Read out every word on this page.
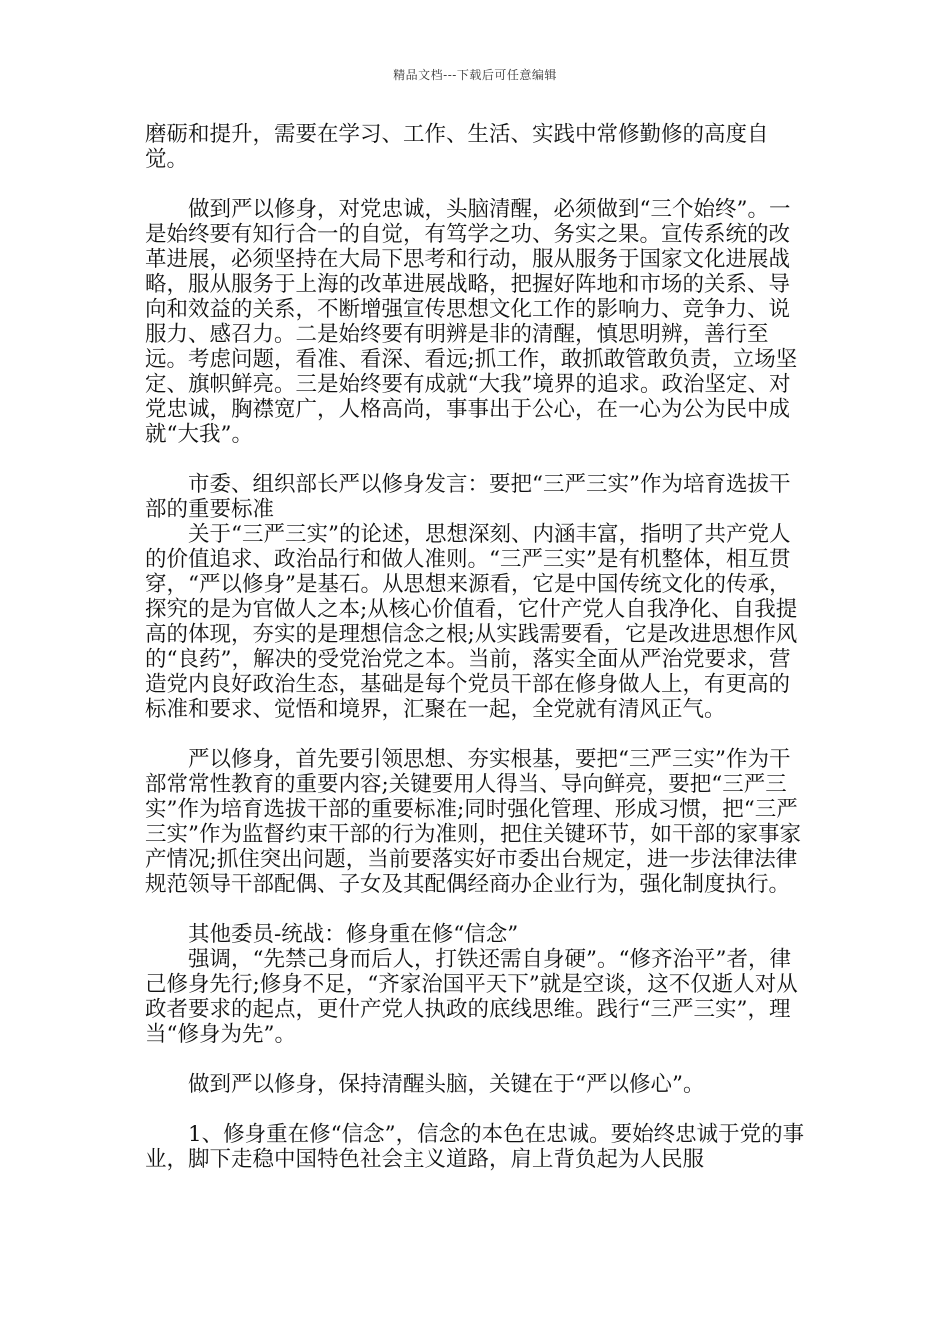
精品文档---下载后可任意编辑

磨砺和提升，需要在学习、工作、生活、实践中常修勤修的高度自觉。

做到严以修身，对党忠诚，头脑清醒，必须做到“三个始终”。一是始终要有知行合一的自觉，有笃学之功、务实之果。宣传系统的改革进展，必须坚持在大局下思考和行动，服从服务于国家文化进展战略，服从服务于上海的改革进展战略，把握好阵地和市场的关系、导向和效益的关系，不断增强宣传思想文化工作的影响力、竞争力、说服力、感召力。二是始终要有明辨是非的清醒，慎思明辨，善行至远。考虑问题，看准、看深、看远;抓工作，敢抓敢管敢负责，立场坚定、旗帜鲜亮。三是始终要有成就“大我”境界的追求。政治坚定、对党忠诚，胸襟宽广，人格高尚，事事出于公心，在一心为公为民中成就“大我”。

市委、组织部长严以修身发言：要把“三严三实”作为培育选拔干部的重要标准

关于“三严三实”的论述，思想深刻、内涵丰富，指明了共产党人的价值追求、政治品行和做人准则。“三严三实”是有机整体，相互贯穿，“严以修身”是基石。从思想来源看，它是中国传统文化的传承，探究的是为官做人之本;从核心价值看，它什产党人自我净化、自我提高的体现，夯实的是理想信念之根;从实践需要看，它是改进思想作风的“良药”，解决的受党治党之本。当前，落实全面从严治党要求，营造党内良好政治生态，基础是每个党员干部在修身做人上，有更高的标准和要求、觉悟和境界，汇聚在一起，全党就有清风正气。

严以修身，首先要引领思想、夯实根基，要把“三严三实”作为干部常常性教育的重要内容;关键要用人得当、导向鲜亮，要把“三严三实”作为培育选拔干部的重要标准;同时强化管理、形成习惯，把“三严三实”作为监督约束干部的行为准则，把住关键环节，如干部的家事家产情况;抓住突出问题，当前要落实好市委出台规定，进一步法律法律规范领导干部配偶、子女及其配偶经商办企业行为，强化制度执行。

其他委员-统战：修身重在修“信念”

强调，“先禁己身而后人，打铁还需自身硬”。“修齐治平”者，律己修身先行;修身不足，“齐家治国平天下”就是空谈，这不仅逝人对从政者要求的起点，更什产党人执政的底线思维。践行“三严三实”，理当“修身为先”。

做到严以修身，保持清醒头脑，关键在于“严以修心”。

1、修身重在修“信念”，信念的本色在忠诚。要始终忠诚于党的事业，脚下走稳中国特色社会主义道路，肩上背负起为人民服
